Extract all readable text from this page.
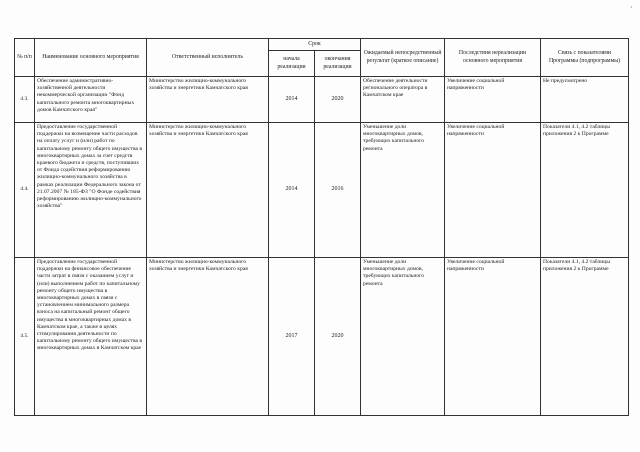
·
№ п/п	Наименование основного мероприятия	Ответственный исполнитель	Срок		Ожидаемый непосредственный результат (краткое описание)	Последствия нереализации основного мероприятия	Связь с показателями Программы (подпрограммы)
			начала реализации	окончания реализации			
4.3.	Обеспечение административно-хозяйственной деятельности некоммерческой организации "Фонд капитального ремонта многоквартирных домов Камчатского края"	Министерство жилищно-коммунального хозяйства и энергетики Камчатского края	2014	2020	Обеспечение деятельности регионального оператора в Камчатском крае	Увеличение социальной напряженности	Не предусмотрено
4.4.	Предоставление государственной поддержки на возмещение части расходов на оплату услуг и (или) работ по капитальному ремонту общего имущества в многоквартирных домах за счет средств краевого бюджета и средств, поступивших от Фонда содействия реформированию жилищно-коммунального хозяйства в рамках реализации Федерального закона от 21.07.2007 № 185-ФЗ "О Фонде содействия реформированию жилищно-коммунального хозяйства"	Министерство жилищно-коммунального хозяйства и энергетики Камчатского края	2014	2016	Уменьшение доли многоквартирных домов, требующих капитального ремонта	Увеличение социальной напряженности	Показатели 4.1, 4.2 таблицы приложения 2 к Программе
4.5.	Предоставление государственной поддержки на финансовое обеспечение части затрат в связи с оказанием услуг и (или) выполнением работ по капитальному ремонту общего имущества в многоквартирных домах в связи с установлением минимального размера взноса на капитальный ремонт общего имущества в многоквартирных домах в Камчатском крае, а также в целях стимулирования деятельности по капитальному ремонту общего имущества в многоквартирных домах в Камчатском крае	Министерство жилищно-коммунального хозяйства и энергетики Камчатского края	2017	2020	Уменьшение доли многоквартирных домов, требующих капитального ремонта	Увеличение социальной напряженности	Показатели 4.1, 4.2 таблицы приложения 2 к Программе
